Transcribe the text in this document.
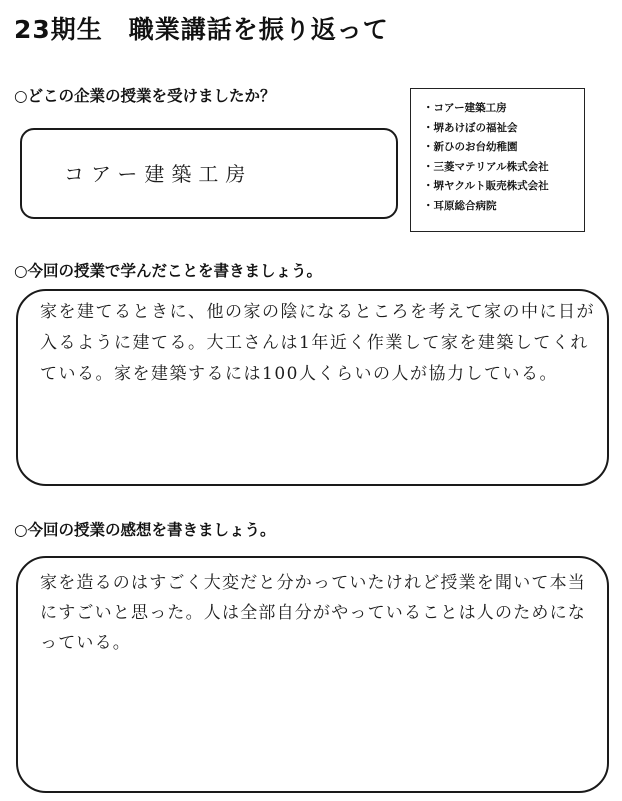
23期生　職業講話を振り返って
○どこの企業の授業を受けましたか？
・コアー建築工房
・堺あけぼの福祉会
・新ひのお台幼稚園
・三菱マテリアル株式会社
・堺ヤクルト販売株式会社
・耳原総合病院
コアー建築工房
○今回の授業で学んだことを書きましょう。
家を建てるときに、他の家の陰になるところを考えて家の中に日が入るように建てる。大工さんは1年近く作業して家を建築してくれている。家を建築するには100人くらいの人が協力している。
○今回の授業の感想を書きましょう。
家を造るのはすごく大変だと分かっていたけれど授業を聞いて本当にすごいと思った。人は全部自分がやっていることは人のためになっている。
